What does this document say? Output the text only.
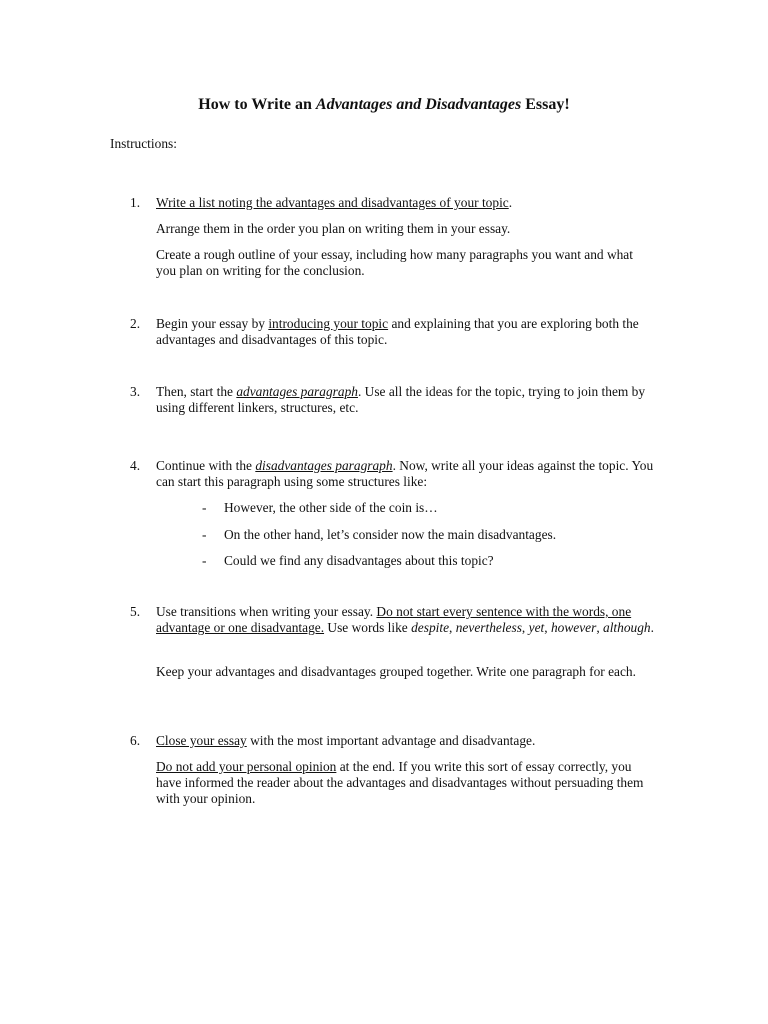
How to Write an Advantages and Disadvantages Essay!
Instructions:
1. Write a list noting the advantages and disadvantages of your topic.
Arrange them in the order you plan on writing them in your essay.
Create a rough outline of your essay, including how many paragraphs you want and what you plan on writing for the conclusion.
2. Begin your essay by introducing your topic and explaining that you are exploring both the advantages and disadvantages of this topic.
3. Then, start the advantages paragraph. Use all the ideas for the topic, trying to join them by using different linkers, structures, etc.
4. Continue with the disadvantages paragraph. Now, write all your ideas against the topic. You can start this paragraph using some structures like:
- However, the other side of the coin is…
- On the other hand, let’s consider now the main disadvantages.
- Could we find any disadvantages about this topic?
5. Use transitions when writing your essay. Do not start every sentence with the words, one advantage or one disadvantage. Use words like despite, nevertheless, yet, however, although.
Keep your advantages and disadvantages grouped together. Write one paragraph for each.
6. Close your essay with the most important advantage and disadvantage.
Do not add your personal opinion at the end. If you write this sort of essay correctly, you have informed the reader about the advantages and disadvantages without persuading them with your opinion.
